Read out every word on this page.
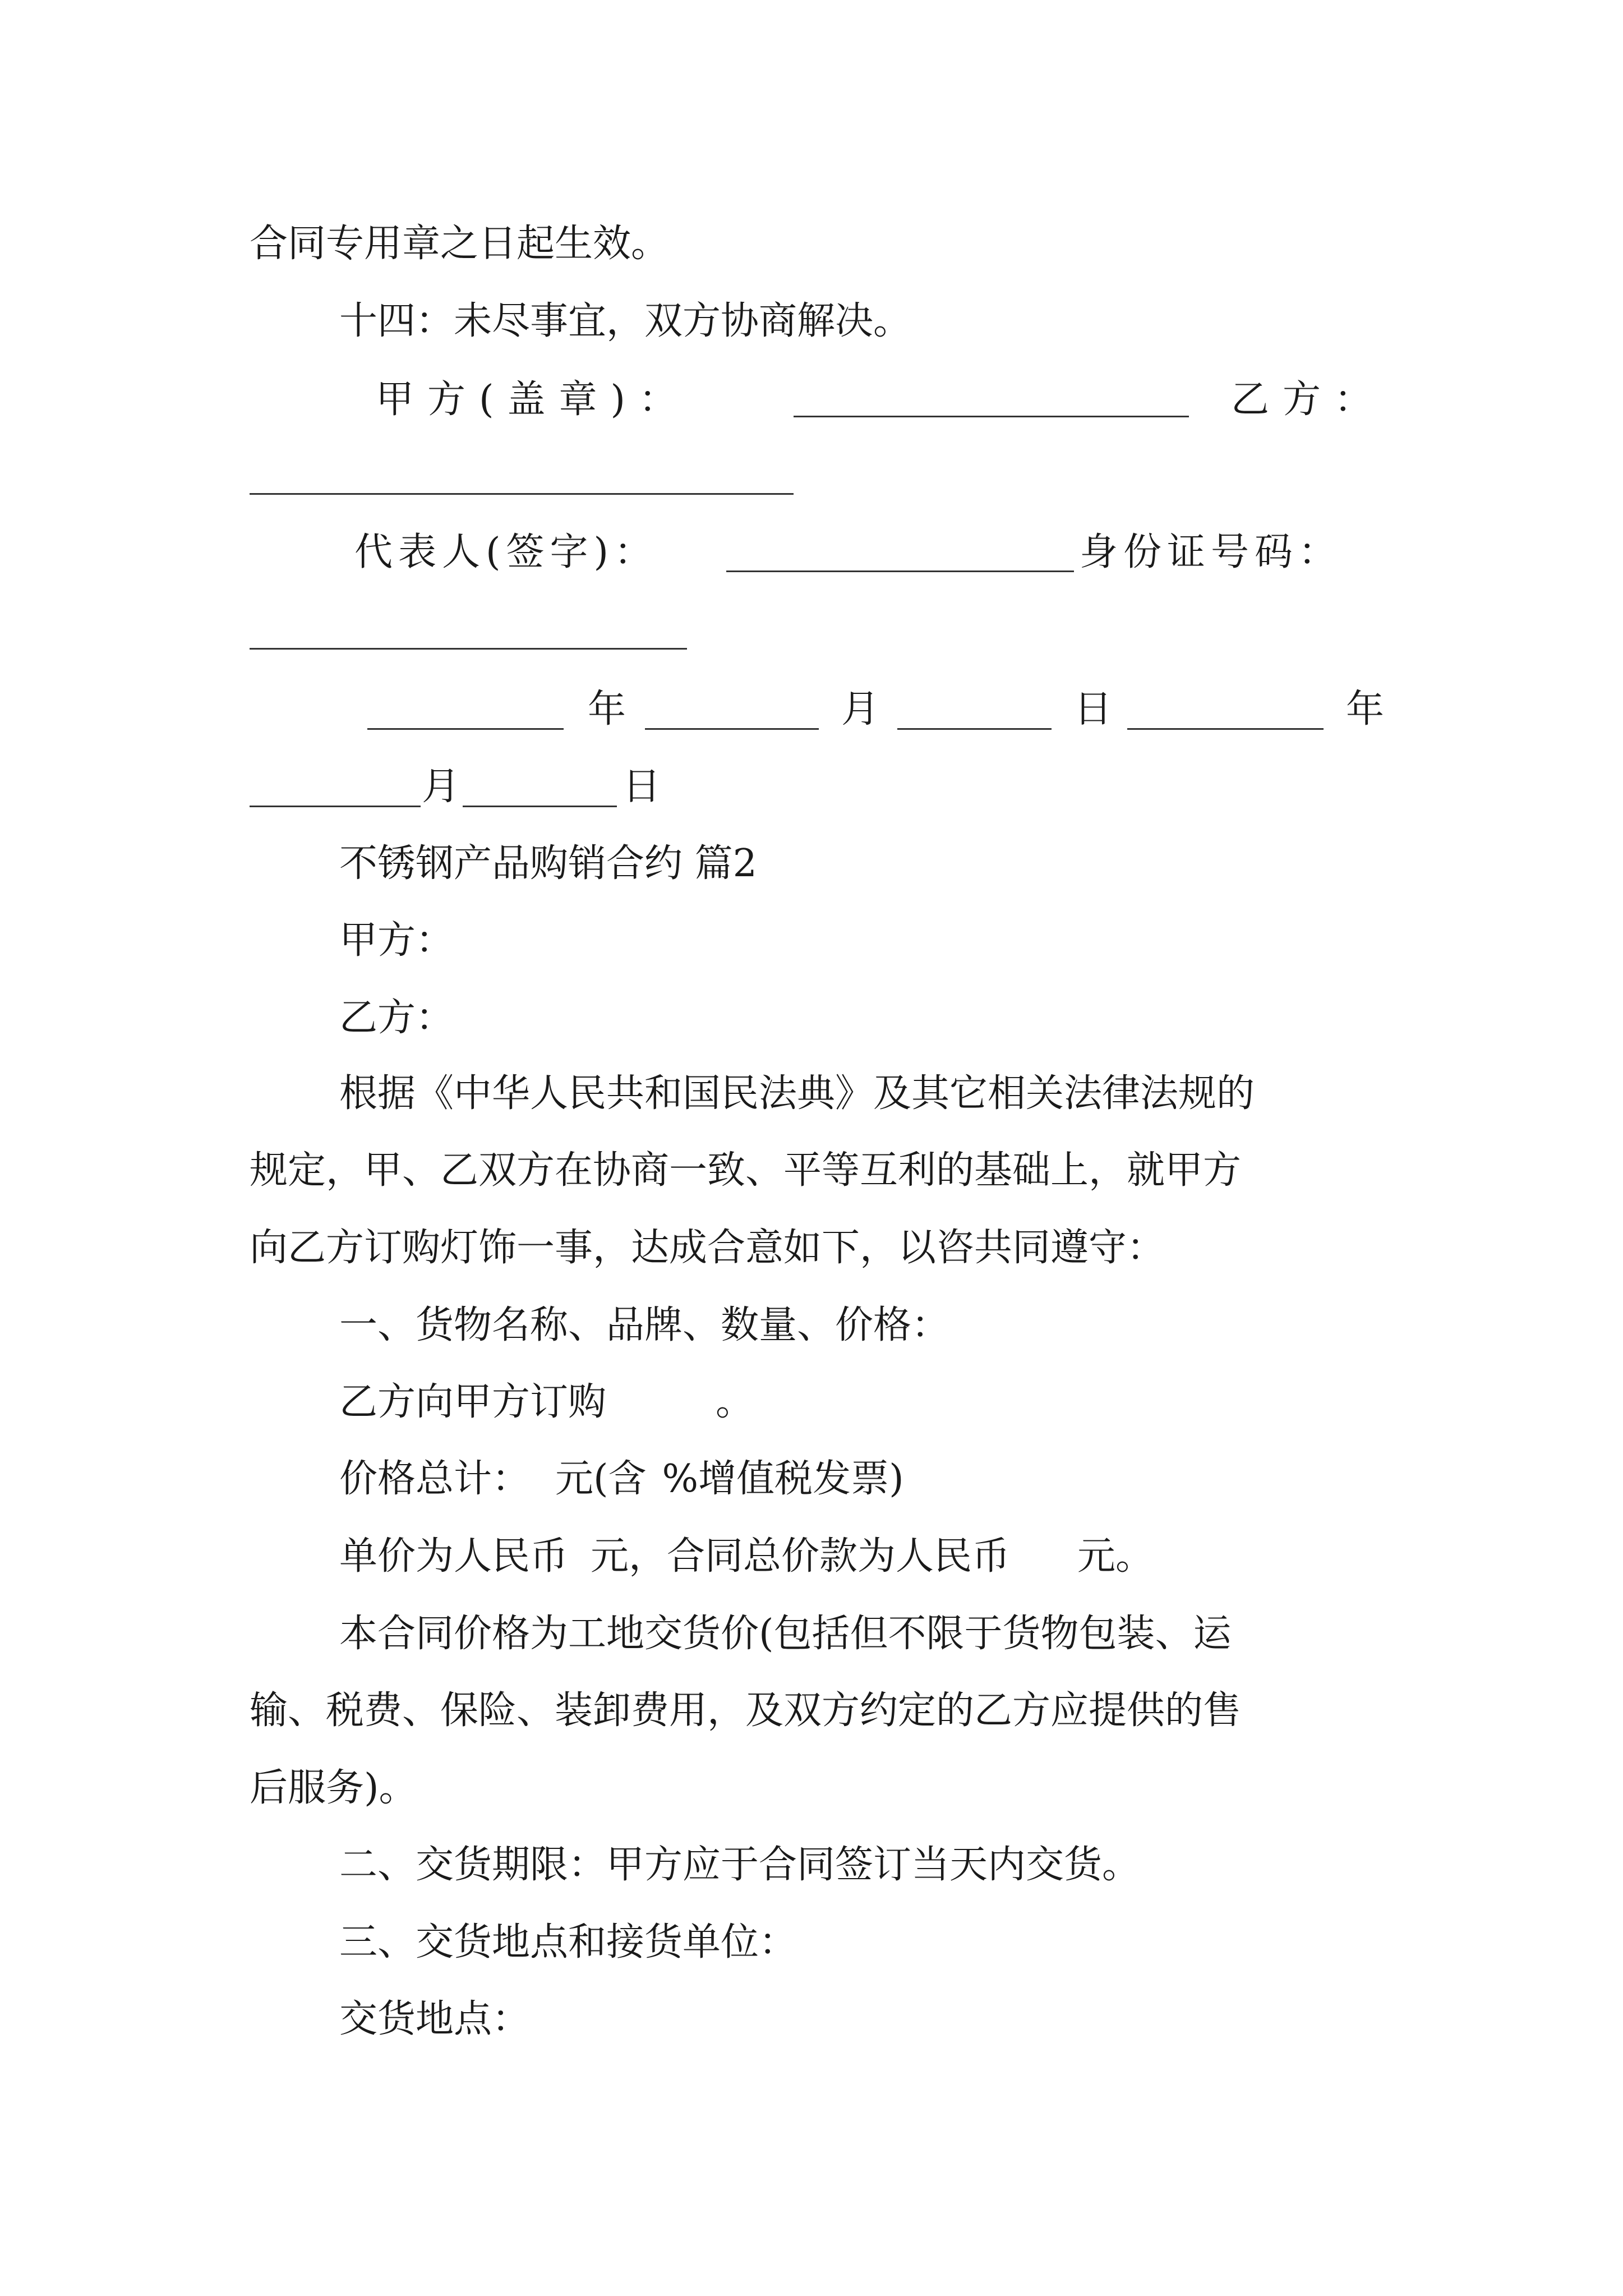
合同专用章之日起生效。

十四：未尽事宜，双方协商解决。

甲方(盖章)：	乙方：

代表人(签字)：	身份证号码：

年	月	日	年

月	日

不锈钢产品购销合约 篇2

甲方：

乙方：

根据《中华人民共和国民法典》及其它相关法律法规的

规定，甲、乙双方在协商一致、平等互利的基础上，就甲方

向乙方订购灯饰一事，达成合意如下，以咨共同遵守：

一、货物名称、品牌、数量、价格：

乙方向甲方订购	。

价格总计： 元(含 %增值税发票)

单价为人民币 元，合同总价款为人民币 元。

本合同价格为工地交货价(包括但不限于货物包装、运

输、税费、保险、装卸费用，及双方约定的乙方应提供的售

后服务)。

二、交货期限：甲方应于合同签订当天内交货。

三、交货地点和接货单位：

交货地点：
